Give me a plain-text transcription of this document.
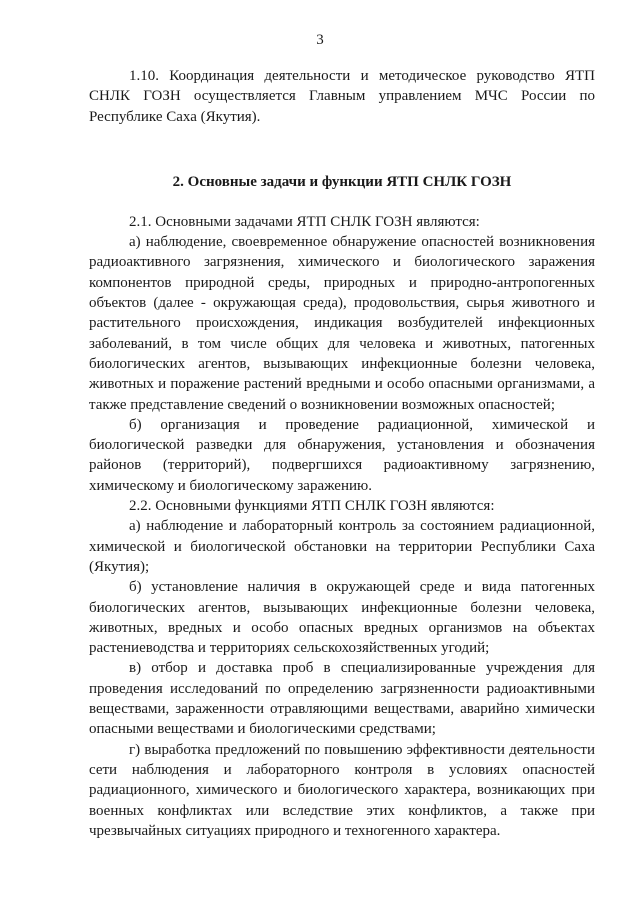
3

1.10. Координация деятельности и методическое руководство ЯТП СНЛК ГОЗН осуществляется Главным управлением МЧС России по Республике Саха (Якутия).

2. Основные задачи и функции ЯТП СНЛК ГОЗН

2.1. Основными задачами ЯТП СНЛК ГОЗН являются:

а) наблюдение, своевременное обнаружение опасностей возникновения радиоактивного загрязнения, химического и биологического заражения компонентов природной среды, природных и природно-антропогенных объектов (далее - окружающая среда), продовольствия, сырья животного и растительного происхождения, индикация возбудителей инфекционных заболеваний, в том числе общих для человека и животных, патогенных биологических агентов, вызывающих инфекционные болезни человека, животных и поражение растений вредными и особо опасными организмами, а также представление сведений о возникновении возможных опасностей;

б) организация и проведение радиационной, химической и биологической разведки для обнаружения, установления и обозначения районов (территорий), подвергшихся радиоактивному загрязнению, химическому и биологическому заражению.

2.2. Основными функциями ЯТП СНЛК ГОЗН являются:

а) наблюдение и лабораторный контроль за состоянием радиационной, химической и биологической обстановки на территории Республики Саха (Якутия);

б) установление наличия в окружающей среде и вида патогенных биологических агентов, вызывающих инфекционные болезни человека, животных, вредных и особо опасных вредных организмов на объектах растениеводства и территориях сельскохозяйственных угодий;

в) отбор и доставка проб в специализированные учреждения для проведения исследований по определению загрязненности радиоактивными веществами, зараженности отравляющими веществами, аварийно химически опасными веществами и биологическими средствами;

г) выработка предложений по повышению эффективности деятельности сети наблюдения и лабораторного контроля в условиях опасностей радиационного, химического и биологического характера, возникающих при военных конфликтах или вследствие этих конфликтов, а также при чрезвычайных ситуациях природного и техногенного характера.
